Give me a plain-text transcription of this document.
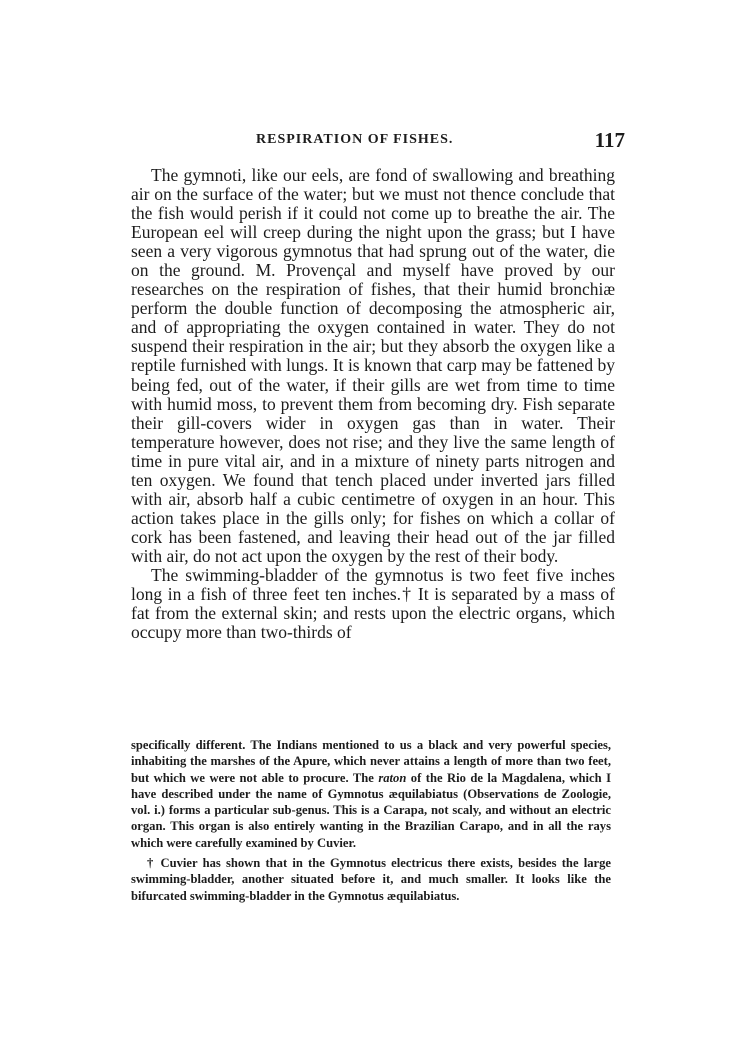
RESPIRATION OF FISHES.	117

The gymnoti, like our eels, are fond of swallowing and breathing air on the surface of the water; but we must not thence conclude that the fish would perish if it could not come up to breathe the air. The European eel will creep during the night upon the grass; but I have seen a very vigorous gymnotus that had sprung out of the water, die on the ground. M. Provençal and myself have proved by our researches on the respiration of fishes, that their humid bronchiæ perform the double function of decomposing the atmospheric air, and of appropriating the oxygen contained in water. They do not suspend their respiration in the air; but they absorb the oxygen like a reptile furnished with lungs. It is known that carp may be fattened by being fed, out of the water, if their gills are wet from time to time with humid moss, to prevent them from becoming dry. Fish separate their gill-covers wider in oxygen gas than in water. Their temperature however, does not rise; and they live the same length of time in pure vital air, and in a mixture of ninety parts nitrogen and ten oxygen. We found that tench placed under inverted jars filled with air, absorb half a cubic centimetre of oxygen in an hour. This action takes place in the gills only; for fishes on which a collar of cork has been fastened, and leaving their head out of the jar filled with air, do not act upon the oxygen by the rest of their body.

The swimming-bladder of the gymnotus is two feet five inches long in a fish of three feet ten inches.† It is separated by a mass of fat from the external skin; and rests upon the electric organs, which occupy more than two-thirds of

specifically different. The Indians mentioned to us a black and very powerful species, inhabiting the marshes of the Apure, which never attains a length of more than two feet, but which we were not able to procure. The raton of the Rio de la Magdalena, which I have described under the name of Gymnotus æquilabiatus (Observations de Zoologie, vol. i.) forms a particular sub-genus. This is a Carapa, not scaly, and without an electric organ. This organ is also entirely wanting in the Brazilian Carapo, and in all the rays which were carefully examined by Cuvier.

† Cuvier has shown that in the Gymnotus electricus there exists, besides the large swimming-bladder, another situated before it, and much smaller. It looks like the bifurcated swimming-bladder in the Gymnotus æquilabiatus.
